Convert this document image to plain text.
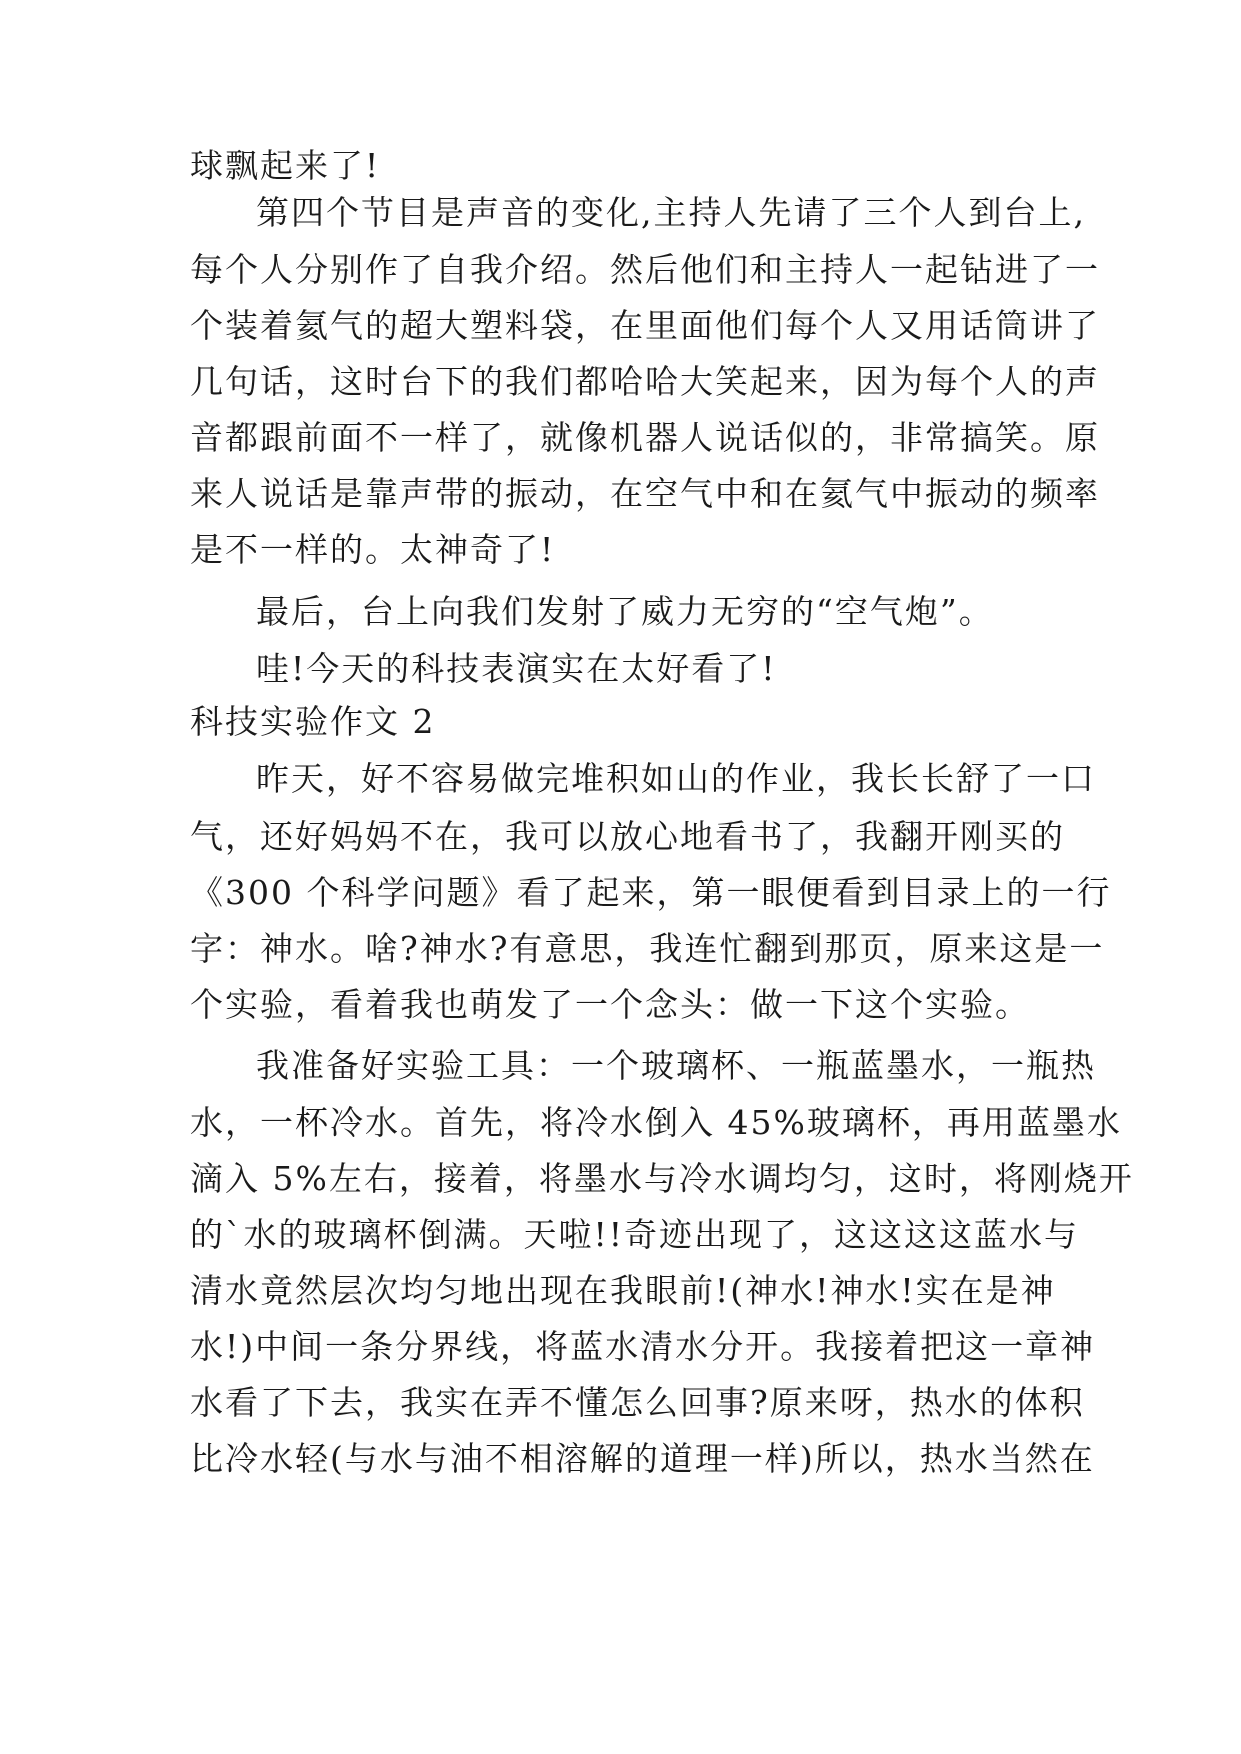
球飘起来了!
第四个节目是声音的变化,主持人先请了三个人到台上,
每个人分别作了自我介绍。然后他们和主持人一起钻进了一
个装着氦气的超大塑料袋，在里面他们每个人又用话筒讲了
几句话，这时台下的我们都哈哈大笑起来，因为每个人的声
音都跟前面不一样了，就像机器人说话似的，非常搞笑。原
来人说话是靠声带的振动，在空气中和在氦气中振动的频率
是不一样的。太神奇了!
最后，台上向我们发射了威力无穷的“空气炮”。
哇!今天的科技表演实在太好看了!
科技实验作文 2
昨天，好不容易做完堆积如山的作业，我长长舒了一口
气，还好妈妈不在，我可以放心地看书了，我翻开刚买的
《300 个科学问题》看了起来，第一眼便看到目录上的一行
字：神水。啥?神水?有意思，我连忙翻到那页，原来这是一
个实验，看着我也萌发了一个念头：做一下这个实验。
我准备好实验工具：一个玻璃杯、一瓶蓝墨水，一瓶热
水，一杯冷水。首先，将冷水倒入 45%玻璃杯，再用蓝墨水
滴入 5%左右，接着，将墨水与冷水调均匀，这时，将刚烧开
的`水的玻璃杯倒满。天啦!!奇迹出现了，这这这这蓝水与
清水竟然层次均匀地出现在我眼前!(神水!神水!实在是神
水!)中间一条分界线，将蓝水清水分开。我接着把这一章神
水看了下去，我实在弄不懂怎么回事?原来呀，热水的体积
比冷水轻(与水与油不相溶解的道理一样)所以，热水当然在
